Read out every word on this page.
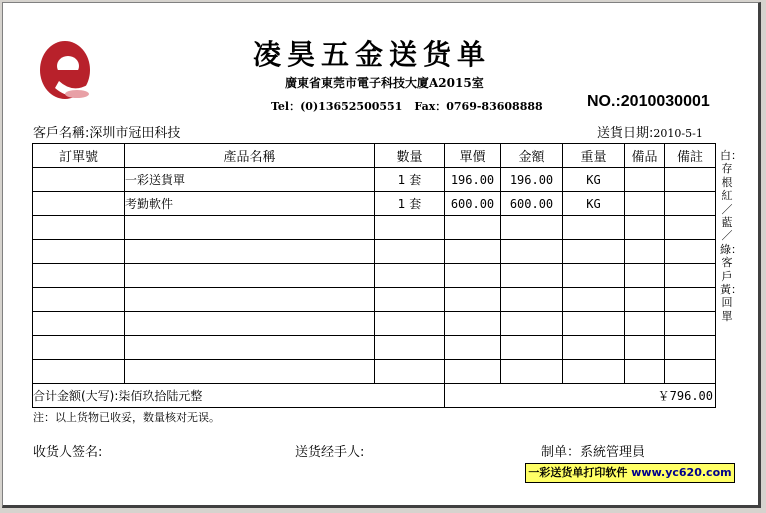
凌昊五金送货单
廣東省東莞市電子科技大廈A2015室
Tel：(0)13652500551 Fax：0769-83608888	NO.:2010030001
客戶名稱:深圳市冠田科技	送貨日期:2010-5-1
訂單號	產品名稱	數量	單價	金額	重量	備品	備註
	一彩送貨單	1 套	196.00	196.00	KG		
	考勤軟件	1 套	600.00	600.00	KG		

合计金额(大写):柒佰玖拾陆元整			￥796.00				
白：存根　紅／藍／綠：客戶　黃：回單
注：以上货物已收妥，数量核对无误。
收货人签名:	送货经手人:	制单：系統管理員
一彩送货单打印软件 www.yc620.com
